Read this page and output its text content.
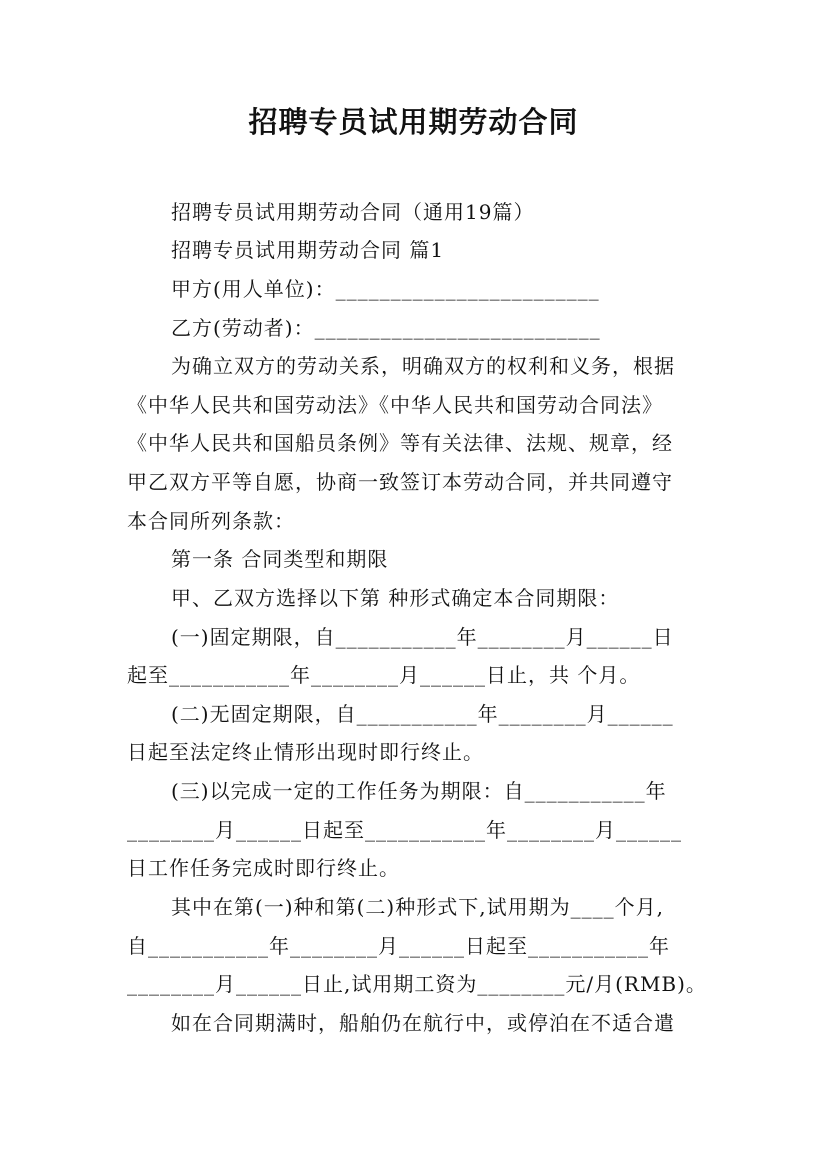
招聘专员试用期劳动合同
招聘专员试用期劳动合同（通用19篇）
招聘专员试用期劳动合同 篇1
甲方(用人单位)：________________________
乙方(劳动者)：__________________________
为确立双方的劳动关系，明确双方的权利和义务，根据
《中华人民共和国劳动法》《中华人民共和国劳动合同法》
《中华人民共和国船员条例》等有关法律、法规、规章，经
甲乙双方平等自愿，协商一致签订本劳动合同，并共同遵守
本合同所列条款：
第一条 合同类型和期限
甲、乙双方选择以下第 种形式确定本合同期限：
(一)固定期限，自___________年________月______日
起至___________年________月______日止，共 个月。
(二)无固定期限，自___________年________月______
日起至法定终止情形出现时即行终止。
(三)以完成一定的工作任务为期限：自___________年
________月______日起至___________年________月______
日工作任务完成时即行终止。
其中在第(一)种和第(二)种形式下,试用期为____个月,
自___________年________月______日起至___________年
________月______日止,试用期工资为________元/月(RMB)。
如在合同期满时，船舶仍在航行中，或停泊在不适合遣
